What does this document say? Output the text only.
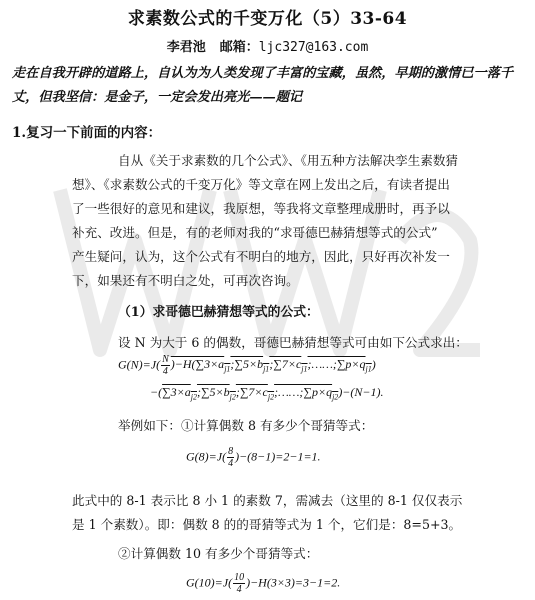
求素数公式的千变万化（5）33-64
李君池 邮箱：ljc327@163.com
走在自我开辟的道路上，自认为为人类发现了丰富的宝藏，虽然，早期的激情已一落千丈，但我坚信：是金子，一定会发出亮光——题记
1.复习一下前面的内容：
自从《关于求素数的几个公式》、《用五种方法解决孪生素数猜
想》、《求素数公式的千变万化》等文章在网上发出之后，有读者提出
了一些很好的意见和建议，我原想，等我将文章整理成册时，再予以
补充、改进。但是，有的老师对我的“求哥德巴赫猜想等式的公式”
产生疑问，认为，这个公式有不明白的地方，因此，只好再次补发一
下，如果还有不明白之处，可再次咨询。
（1）求哥德巴赫猜想等式的公式：
设 N 为大于 6 的偶数，哥德巴赫猜想等式可由如下公式求出：
$G(N)=J( \frac{N}{4}$ )$-H(\sum 3\times a_{j1};\sum 5\times b_{j1};\sum 7\times c_{j1};\dots\dots;\sum p\times q_{j1})$
$-(\sum 3\times a_{j2};\sum 5\times b_{j2};\sum 7\times c_{j2};\dots\dots;\sum p\times q_{j2})-(N-1)$.
举例如下：①计算偶数 8 有多少个哥猜等式：
$G(8)=J( \frac{8}{4} )-(8-1)=2-1=1$.
此式中的 8-1 表示比 8 小 1 的素数 7，需减去（这里的 8-1 仅仅表示
是 1 个素数）。即：偶数 8 的的哥猜等式为 1 个，它们是：8=5+3。
②计算偶数 10 有多少个哥猜等式：
$G(10)=J( \frac{10}{4} )-H(3\times 3)=3-1=2$.
